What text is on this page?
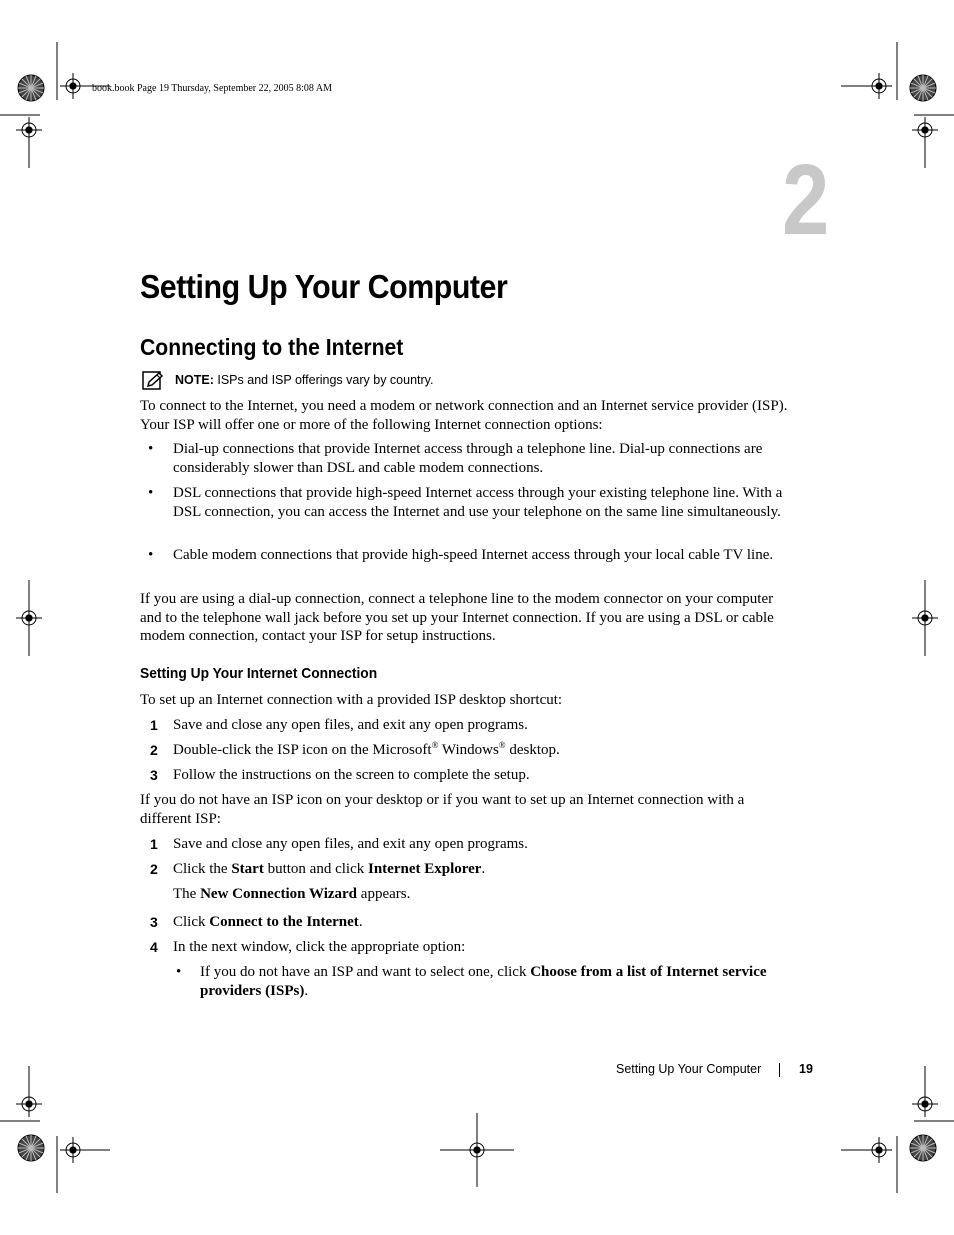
book.book Page 19 Thursday, September 22, 2005 8:08 AM
2
Setting Up Your Computer
Connecting to the Internet
NOTE: ISPs and ISP offerings vary by country.
To connect to the Internet, you need a modem or network connection and an Internet service provider (ISP). Your ISP will offer one or more of the following Internet connection options:
• Dial-up connections that provide Internet access through a telephone line. Dial-up connections are considerably slower than DSL and cable modem connections.
• DSL connections that provide high-speed Internet access through your existing telephone line. With a DSL connection, you can access the Internet and use your telephone on the same line simultaneously.
• Cable modem connections that provide high-speed Internet access through your local cable TV line.
If you are using a dial-up connection, connect a telephone line to the modem connector on your computer and to the telephone wall jack before you set up your Internet connection. If you are using a DSL or cable modem connection, contact your ISP for setup instructions.
Setting Up Your Internet Connection
To set up an Internet connection with a provided ISP desktop shortcut:
1 Save and close any open files, and exit any open programs.
2 Double-click the ISP icon on the Microsoft® Windows® desktop.
3 Follow the instructions on the screen to complete the setup.
If you do not have an ISP icon on your desktop or if you want to set up an Internet connection with a different ISP:
1 Save and close any open files, and exit any open programs.
2 Click the Start button and click Internet Explorer.
The New Connection Wizard appears.
3 Click Connect to the Internet.
4 In the next window, click the appropriate option:
• If you do not have an ISP and want to select one, click Choose from a list of Internet service providers (ISPs).
Setting Up Your Computer	19
